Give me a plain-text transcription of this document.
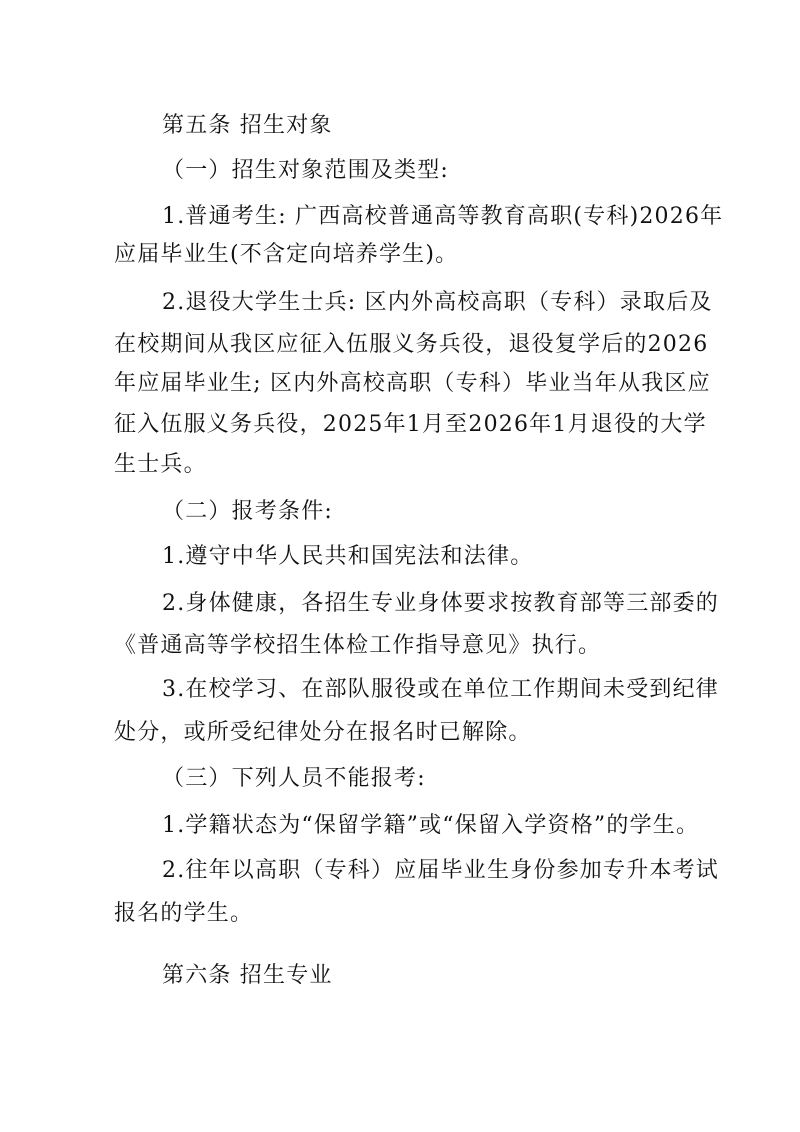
第五条 招生对象
（一）招生对象范围及类型:
1.普通考生: 广西高校普通高等教育高职(专科)2026年
应届毕业生(不含定向培养学生)。
2.退役大学生士兵: 区内外高校高职（专科）录取后及
在校期间从我区应征入伍服义务兵役，退役复学后的2026
年应届毕业生; 区内外高校高职（专科）毕业当年从我区应
征入伍服义务兵役，2025年1月至2026年1月退役的大学
生士兵。
（二）报考条件:
1.遵守中华人民共和国宪法和法律。
2.身体健康，各招生专业身体要求按教育部等三部委的
《普通高等学校招生体检工作指导意见》执行。
3.在校学习、在部队服役或在单位工作期间未受到纪律
处分，或所受纪律处分在报名时已解除。
（三）下列人员不能报考:
1.学籍状态为“保留学籍”或“保留入学资格”的学生。
2.往年以高职（专科）应届毕业生身份参加专升本考试
报名的学生。
第六条 招生专业
